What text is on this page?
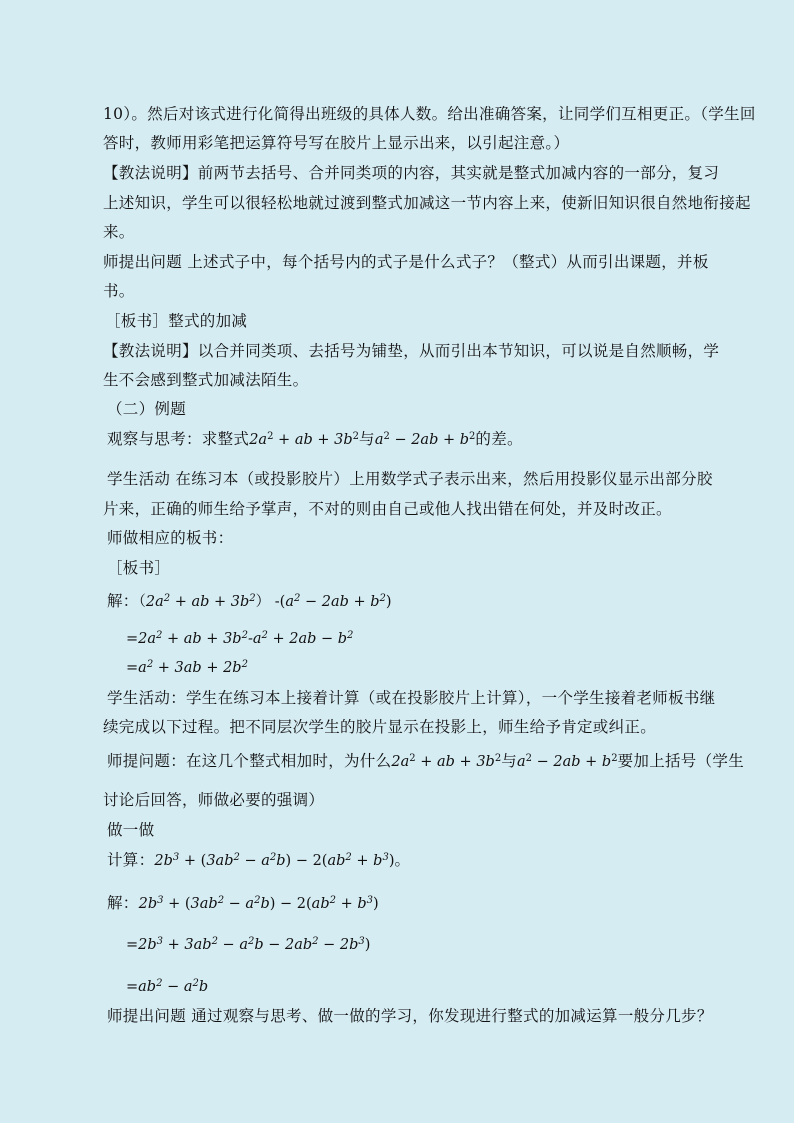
10）。然后对该式进行化简得出班级的具体人数。给出准确答案，让同学们互相更正。（学生回
答时，教师用彩笔把运算符号写在胶片上显示出来，以引起注意。）
【教法说明】前两节去括号、合并同类项的内容，其实就是整式加减内容的一部分，复习
上述知识，学生可以很轻松地就过渡到整式加减这一节内容上来，使新旧知识很自然地衔接起
来。
师提出问题 上述式子中，每个括号内的式子是什么式子？（整式）从而引出课题，并板
书。
［板书］整式的加减
【教法说明】以合并同类项、去括号为铺垫，从而引出本节知识，可以说是自然顺畅，学
生不会感到整式加减法陌生。
（二）例题
观察与思考：求整式$2a^2$ + ab + $3b^2$与$a^2 - 2ab + b^2$的差。
学生活动 在练习本（或投影胶片）上用数学式子表示出来，然后用投影仪显示出部分胶
片来，正确的师生给予掌声，不对的则由自己或他人找出错在何处，并及时改正。
师做相应的板书：
［板书］
解：（$2a^2$ + ab + $3b^2$） $-(a^2 - 2ab + b^2)$
$=2a^2$ + ab + $3b^2-a^2 + 2ab - b^2$
$=a^2 + 3ab + 2b^2$
学生活动：学生在练习本上接着计算（或在投影胶片上计算），一个学生接着老师板书继
续完成以下过程。把不同层次学生的胶片显示在投影上，师生给予肯定或纠正。
师提问题：在这几个整式相加时，为什么$2a^2$ + ab + $3b^2$与$a^2 - 2ab + b^2$要加上括号（学生
讨论后回答，师做必要的强调）
做一做
计算：$2b^3 + (3ab^2 - a^2b) - 2(ab^2 + b^3)$。
解：$2b^3 + (3ab^2 - a^2b) - 2(ab^2 + b^3)$
$=2b^3 + 3ab^2 - a^2b - 2ab^2 - 2b^3$)
$=ab^2 - a^2b$
师提出问题 通过观察与思考、做一做的学习，你发现进行整式的加减运算一般分几步？
